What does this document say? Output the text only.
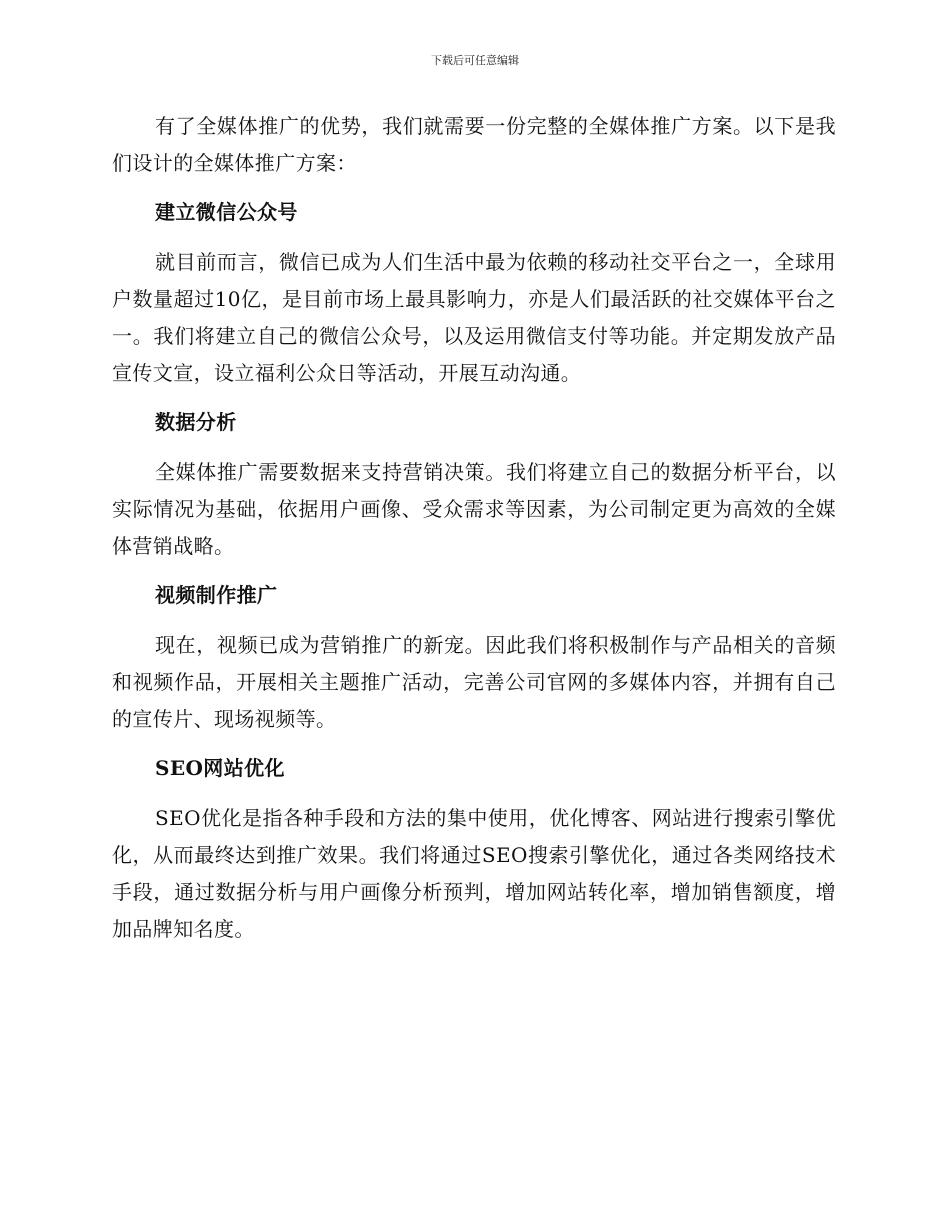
下载后可任意编辑

有了全媒体推广的优势，我们就需要一份完整的全媒体推广方案。以下是我们设计的全媒体推广方案：

建立微信公众号

就目前而言，微信已成为人们生活中最为依赖的移动社交平台之一，全球用户数量超过10亿，是目前市场上最具影响力，亦是人们最活跃的社交媒体平台之一。我们将建立自己的微信公众号，以及运用微信支付等功能。并定期发放产品宣传文宣，设立福利公众日等活动，开展互动沟通。

数据分析

全媒体推广需要数据来支持营销决策。我们将建立自己的数据分析平台，以实际情况为基础，依据用户画像、受众需求等因素，为公司制定更为高效的全媒体营销战略。

视频制作推广

现在，视频已成为营销推广的新宠。因此我们将积极制作与产品相关的音频和视频作品，开展相关主题推广活动，完善公司官网的多媒体内容，并拥有自己的宣传片、现场视频等。

SEO网站优化

SEO优化是指各种手段和方法的集中使用，优化博客、网站进行搜索引擎优化，从而最终达到推广效果。我们将通过SEO搜索引擎优化，通过各类网络技术手段，通过数据分析与用户画像分析预判，增加网站转化率，增加销售额度，增加品牌知名度。
